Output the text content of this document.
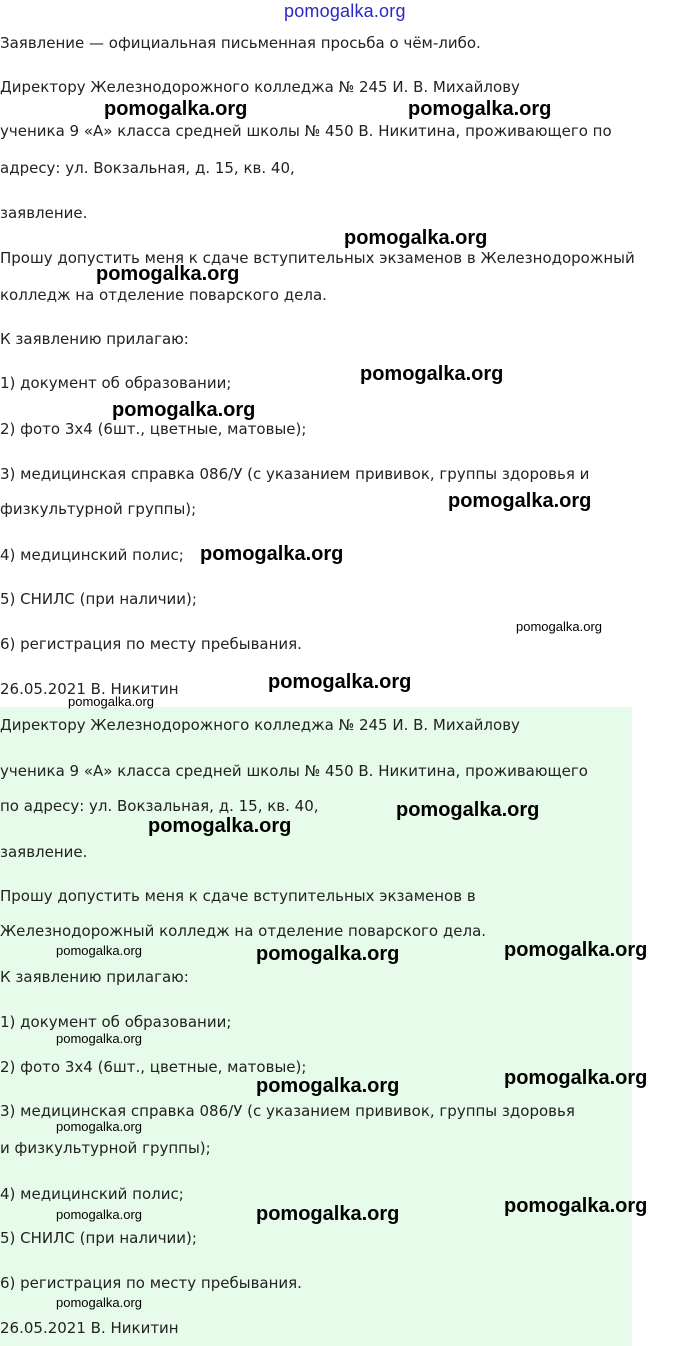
pomogalka.org
Заявление — официальная письменная просьба о чём-либо.
Директору Железнодорожного колледжа № 245 И. В. Михайлову
ученика 9 «А» класса средней школы № 450 В. Никитина, проживающего по
адресу: ул. Вокзальная, д. 15, кв. 40,
заявление.
Прошу допустить меня к сдаче вступительных экзаменов в Железнодорожный
колледж на отделение поварского дела.
К заявлению прилагаю:
1) документ об образовании;
2) фото 3х4 (6шт., цветные, матовые);
3) медицинская справка 086/У (с указанием прививок, группы здоровья и
физкультурной группы);
4) медицинский полис;
5) СНИЛС (при наличии);
6) регистрация по месту пребывания.
26.05.2021 В. Никитин
Директору Железнодорожного колледжа № 245 И. В. Михайлову
ученика 9 «А» класса средней школы № 450 В. Никитина, проживающего
по адресу: ул. Вокзальная, д. 15, кв. 40,
заявление.
Прошу допустить меня к сдаче вступительных экзаменов в
Железнодорожный колледж на отделение поварского дела.
К заявлению прилагаю:
1) документ об образовании;
2) фото 3х4 (6шт., цветные, матовые);
3) медицинская справка 086/У (с указанием прививок, группы здоровья
и физкультурной группы);
4) медицинский полис;
5) СНИЛС (при наличии);
6) регистрация по месту пребывания.
26.05.2021 В. Никитин
pomogalka.org	pomogalka.org
pomogalka.org
pomogalka.org
pomogalka.org
pomogalka.org
pomogalka.org
pomogalka.org
pomogalka.org
pomogalka.org
pomogalka.org
pomogalka.org
pomogalka.org
pomogalka.org	pomogalka.org	pomogalka.org
pomogalka.org
pomogalka.org	pomogalka.org
pomogalka.org
pomogalka.org
pomogalka.org	pomogalka.org
pomogalka.org
